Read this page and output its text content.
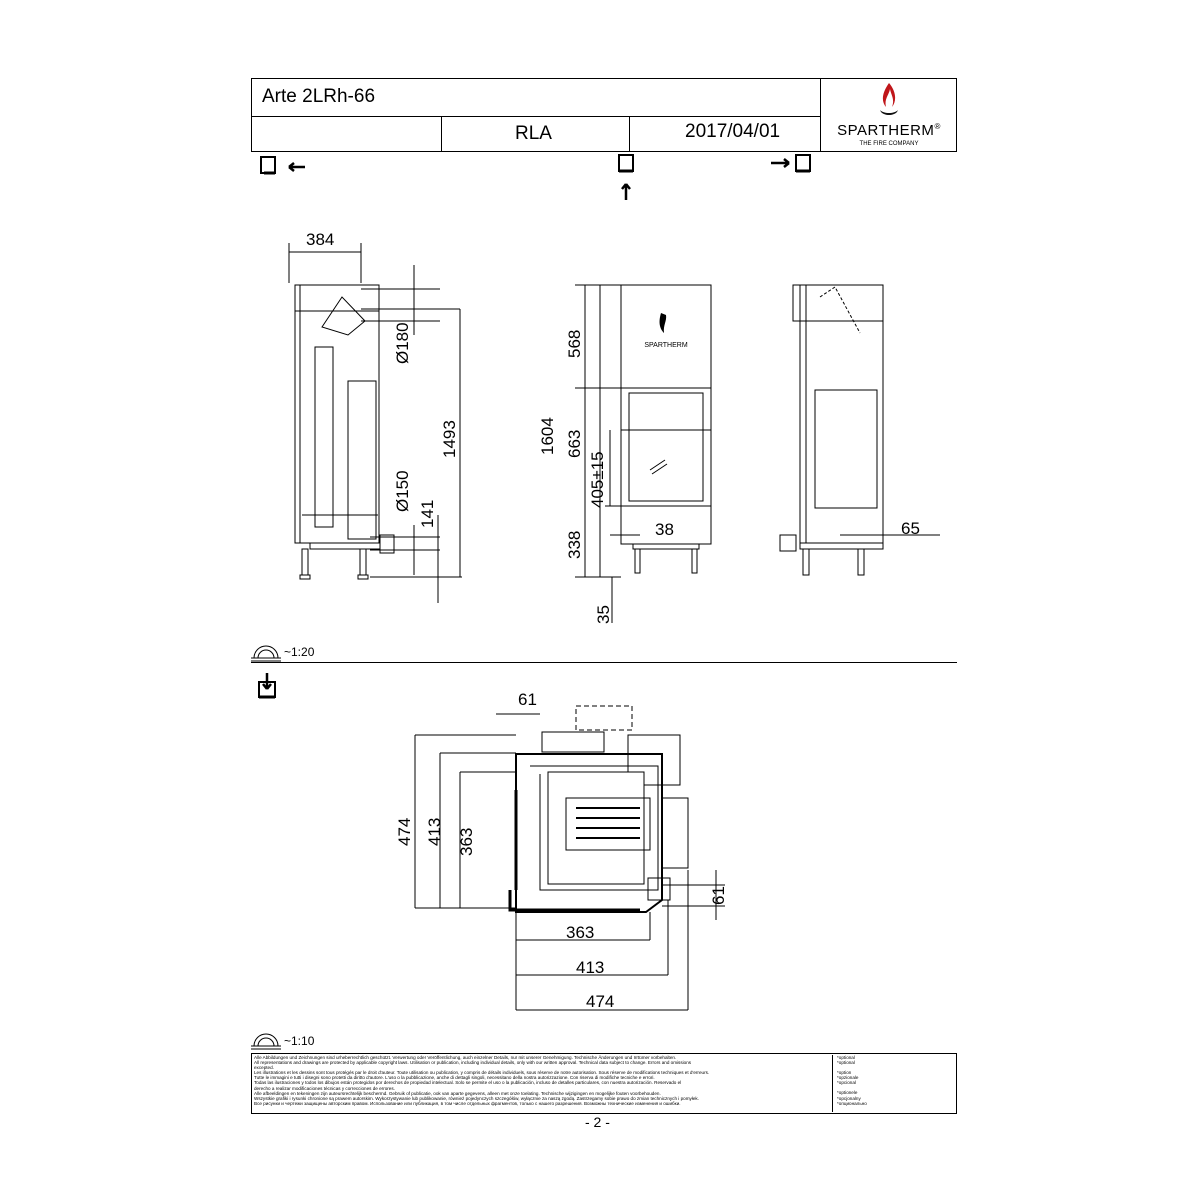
Arte 2LRh-66
RLA	2017/04/01	SPARTHERM®
THE FIRE COMPANY
SPARTHERM
384
Ø180
Ø150
1493
141
1604
568
663
405±15
338
38
35
65
~1:20
61
474 413 363
61
363
413
474
~1:10
Alle Abbildungen und Zeichnungen sind urheberrechtlich geschützt. Verwertung oder Veröffentlichung, auch einzelner Details, nur mit unserer Genehmigung. Technische Änderungen und Irrtümer vorbehalten.
All representations and drawings are protected by applicable copyright laws. Utilisation or publication, including individual details, only with our written approval. Technical data subject to change. Errors and omissions
excepted.
Les illustrations et les dessins sont tous protégés par le droit d'auteur. Toute utilisation ou publication, y compris de détails individuels, sous réserve de notre autorisation. Sous réserve de modifications techniques et d'erreurs.
Tutte le immagini e tutti i disegni sono protetti da diritto d'autore. L'uso o la pubblicazione, anche di dettagli singoli, necessitano della nostra autorizzazione. Con riserva di modifiche tecniche e errori.
Todas las ilustraciones y todos los dibujos están protegidos por derechos de propiedad intelectual. Solo se permite el uso o la publicación, incluso de detalles particulares, con nuestra autorización. Reservado el
derecho a realizar modificaciones técnicas y correcciones de errores.
Alle afbeeldingen en tekeningen zijn auteursrechtelijk beschermd. Gebruik of publicatie, ook van aparte gegevens, alleen met onze toelating. Technische wijzigingen en mogelijke fouten voorbehouden.
Wszystkie grafiki i rysunki chronione są prawem autorskim. Wykorzystywanie lub publikowanie, również pojedynczych szczegółów, wyłącznie za naszą zgodą. Zastrzegamy sobie prawo do zmian technicznych i pomyłek.
Все рисунки и чертежи защищены авторским правом. Использование или публикация, в том числе отдельных фрагментов, только с нашего разрешения. Возможны технические изменения и ошибки.
*optional
*optional
*option
*opzionale
*opcional
*optionele
*opcjonalny
*опционально
- 2 -
